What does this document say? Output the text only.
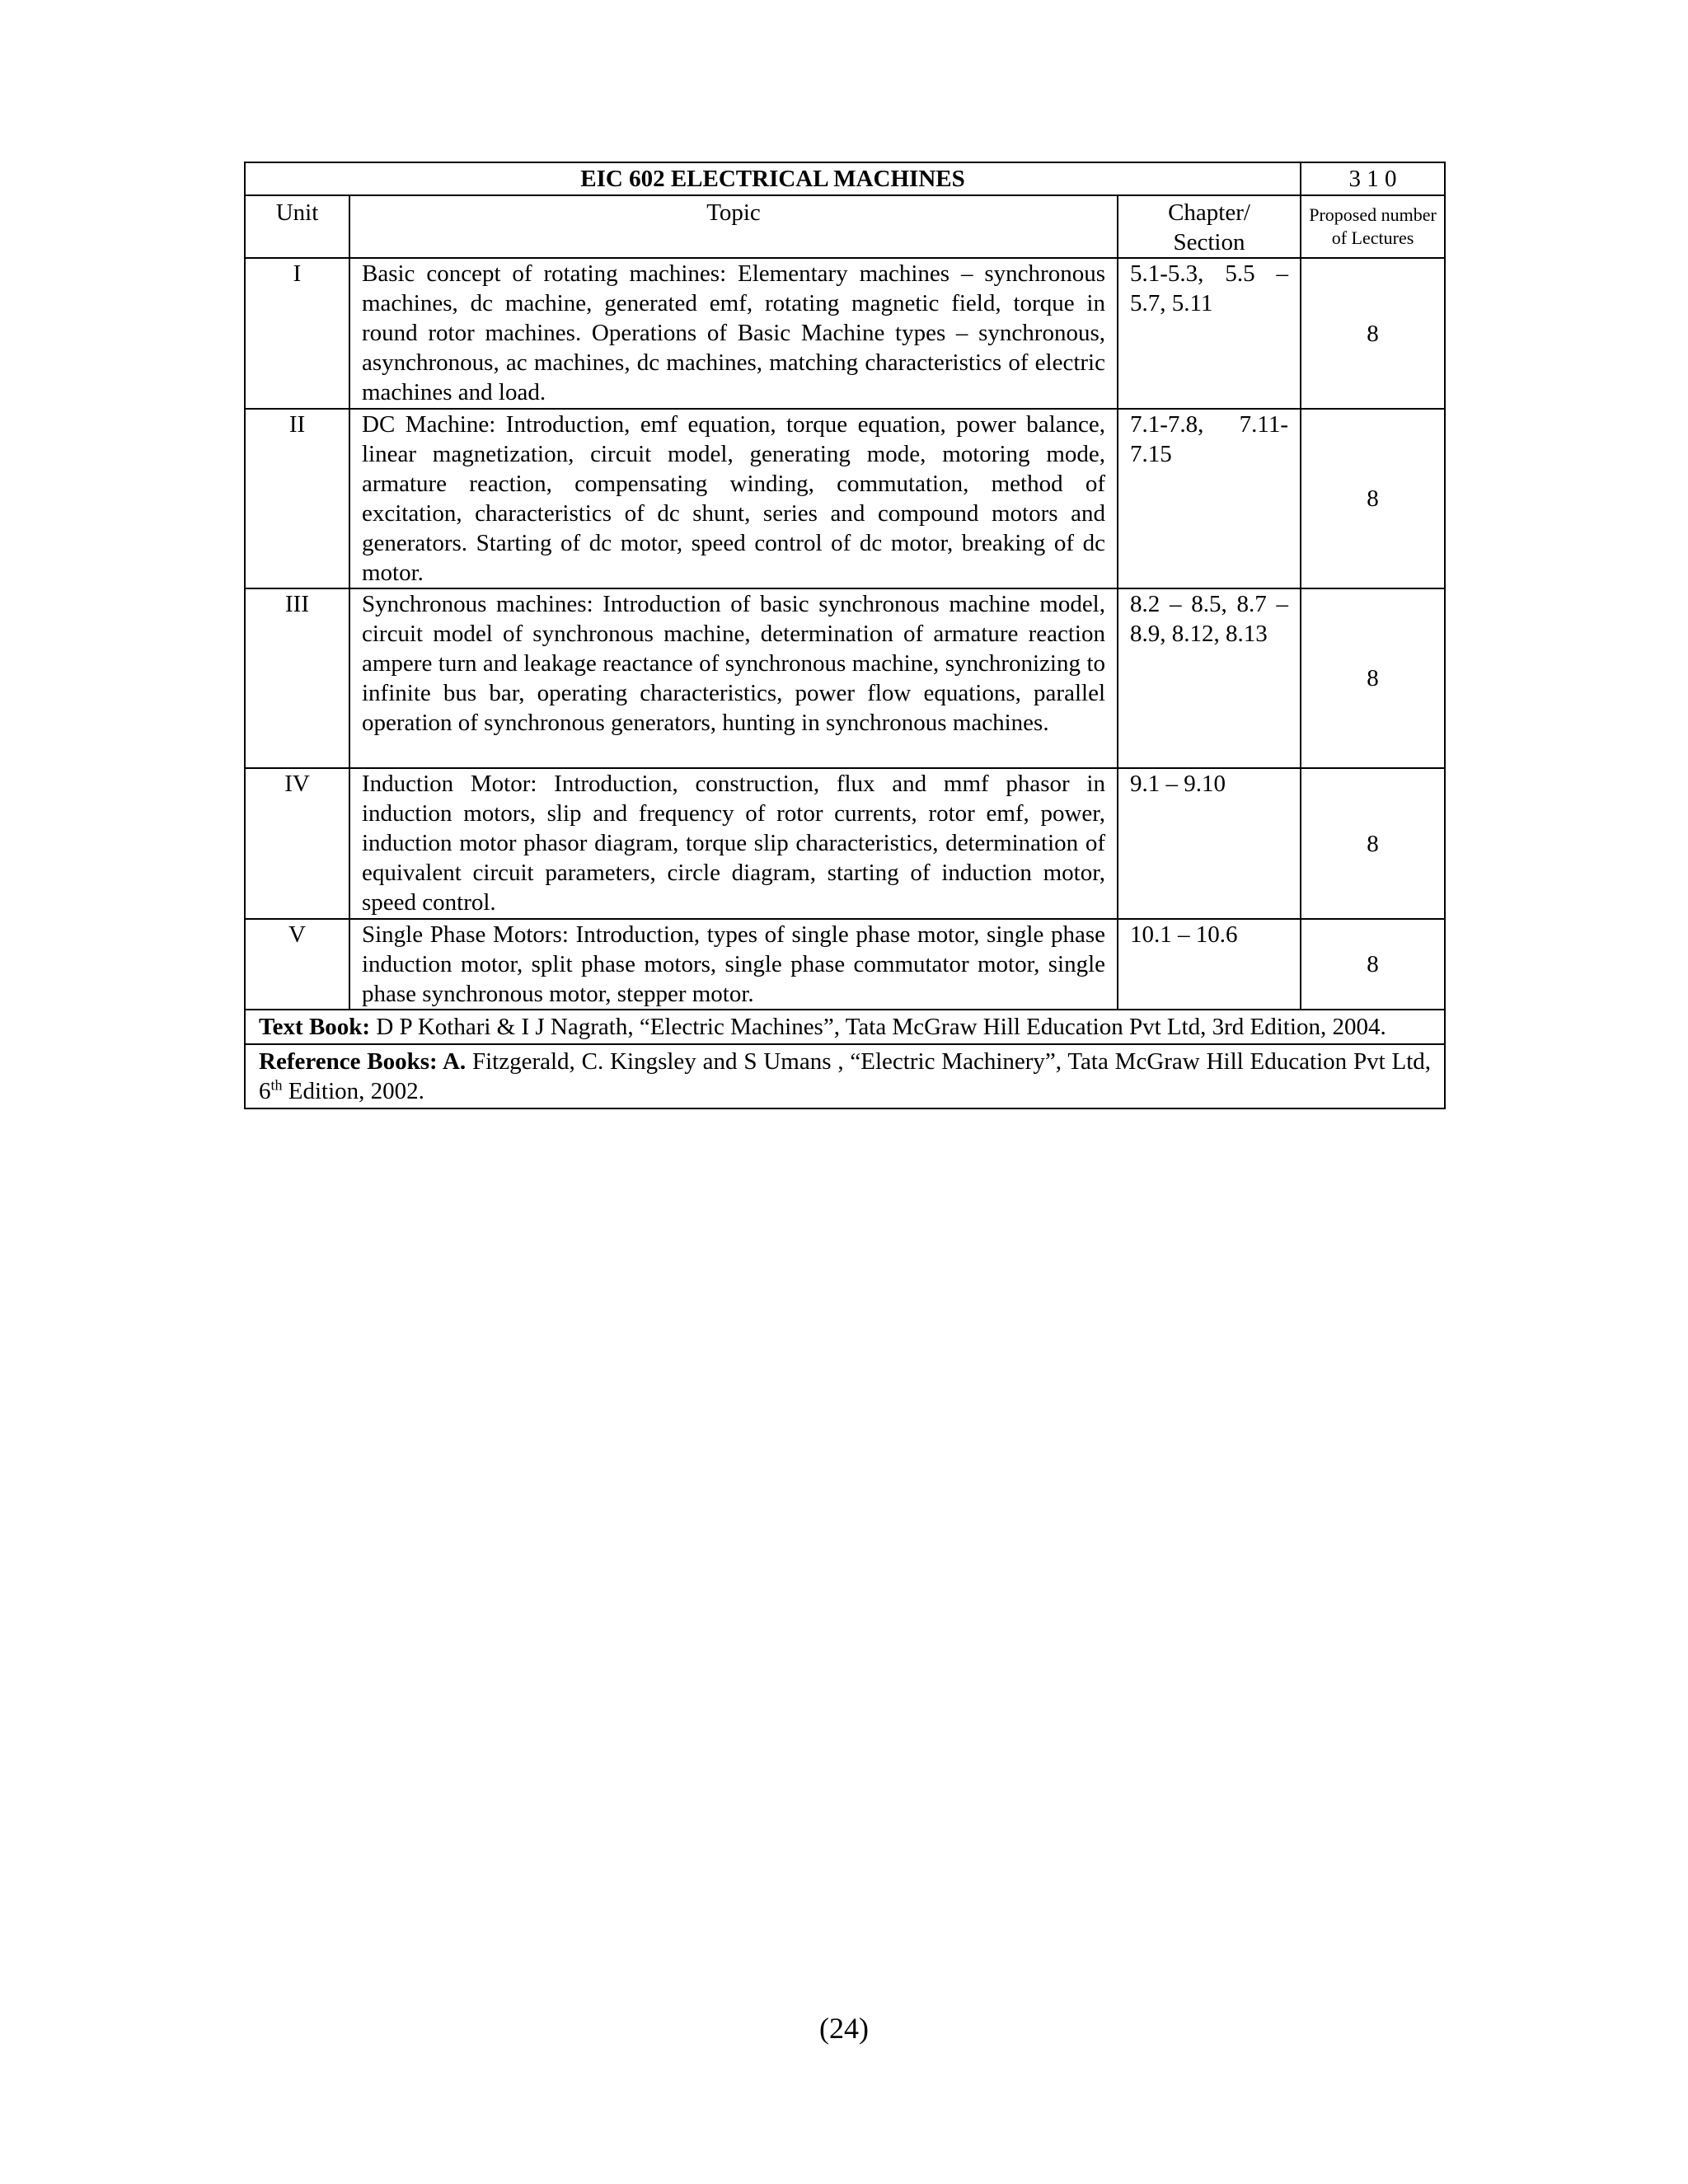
EIC 602 ELECTRICAL MACHINES			3 1 0
Unit	Topic	Chapter/ Section	Proposed number of Lectures
I	Basic concept of rotating machines: Elementary machines – synchronous machines, dc machine, generated emf, rotating magnetic field, torque in round rotor machines. Operations of Basic Machine types – synchronous, asynchronous, ac machines, dc machines, matching characteristics of electric machines and load.	5.1-5.3, 5.5 – 5.7, 5.11	8
II	DC Machine: Introduction, emf equation, torque equation, power balance, linear magnetization, circuit model, generating mode, motoring mode, armature reaction, compensating winding, commutation, method of excitation, characteristics of dc shunt, series and compound motors and generators. Starting of dc motor, speed control of dc motor, breaking of dc motor.	7.1-7.8, 7.11- 7.15	8
III	Synchronous machines: Introduction of basic synchronous machine model, circuit model of synchronous machine, determination of armature reaction ampere turn and leakage reactance of synchronous machine, synchronizing to infinite bus bar, operating characteristics, power flow equations, parallel operation of synchronous generators, hunting in synchronous machines.	8.2 – 8.5, 8.7 – 8.9, 8.12, 8.13	8
IV	Induction Motor: Introduction, construction, flux and mmf phasor in induction motors, slip and frequency of rotor currents, rotor emf, power, induction motor phasor diagram, torque slip characteristics, determination of equivalent circuit parameters, circle diagram, starting of induction motor, speed control.	9.1 – 9.10	8
V	Single Phase Motors: Introduction, types of single phase motor, single phase induction motor, split phase motors, single phase commutator motor, single phase synchronous motor, stepper motor.	10.1 – 10.6	8
Text Book: D P Kothari & I J Nagrath, “Electric Machines”, Tata McGraw Hill Education Pvt Ltd, 3rd Edition, 2004.			
Reference Books: A. Fitzgerald, C. Kingsley and S Umans , “Electric Machinery”, Tata McGraw Hill Education Pvt Ltd, 6th Edition, 2002.			
(24)
